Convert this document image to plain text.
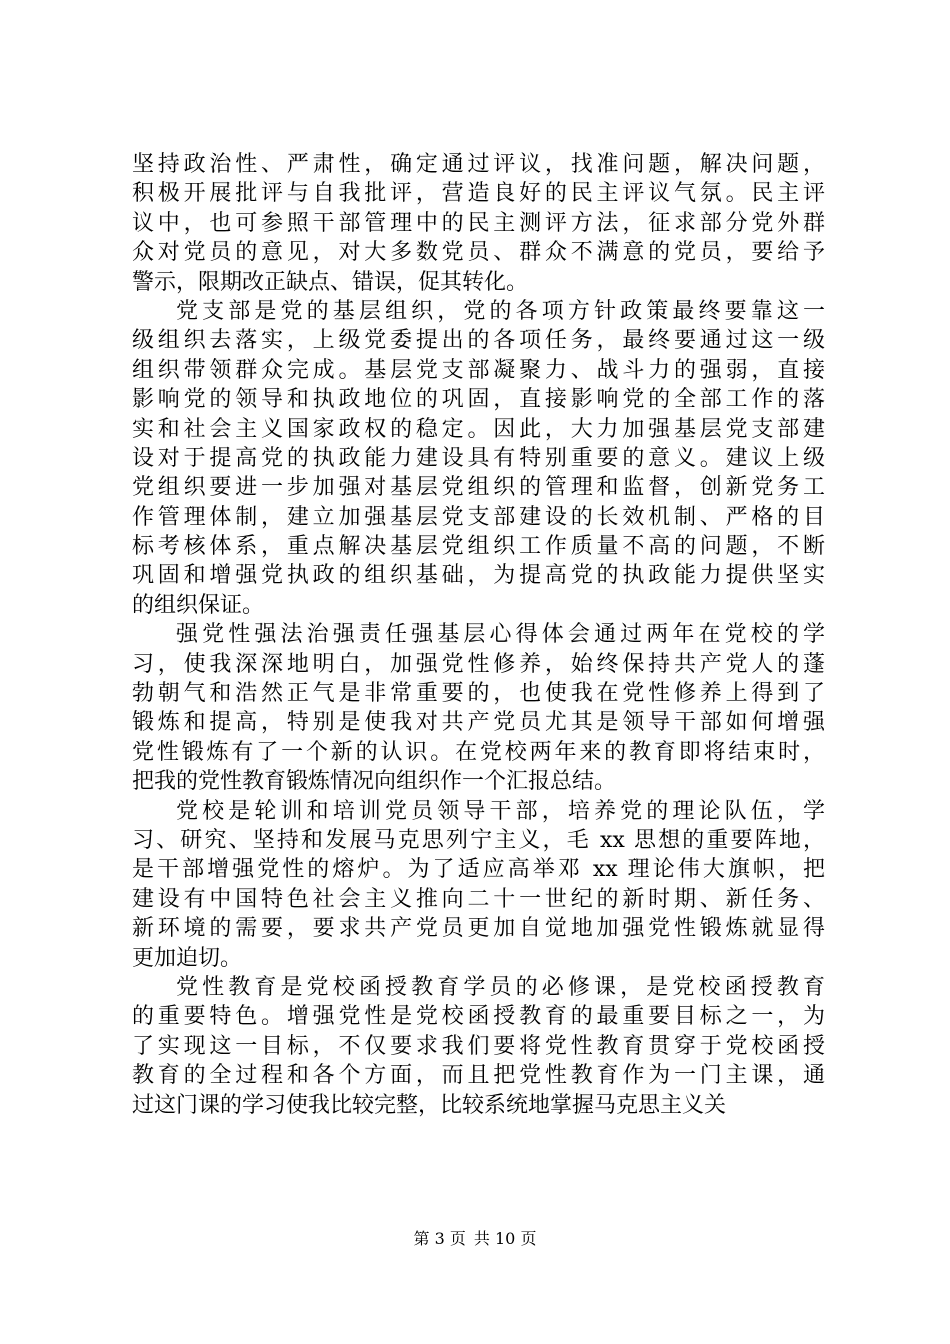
坚持政治性、严肃性，确定通过评议，找准问题，解决问题，
积极开展批评与自我批评，营造良好的民主评议气氛。民主评
议中，也可参照干部管理中的民主测评方法，征求部分党外群
众对党员的意见，对大多数党员、群众不满意的党员，要给予
警示，限期改正缺点、错误，促其转化。
党支部是党的基层组织，党的各项方针政策最终要靠这一
级组织去落实，上级党委提出的各项任务，最终要通过这一级
组织带领群众完成。基层党支部凝聚力、战斗力的强弱，直接
影响党的领导和执政地位的巩固，直接影响党的全部工作的落
实和社会主义国家政权的稳定。因此，大力加强基层党支部建
设对于提高党的执政能力建设具有特别重要的意义。建议上级
党组织要进一步加强对基层党组织的管理和监督，创新党务工
作管理体制，建立加强基层党支部建设的长效机制、严格的目
标考核体系，重点解决基层党组织工作质量不高的问题，不断
巩固和增强党执政的组织基础，为提高党的执政能力提供坚实
的组织保证。
强党性强法治强责任强基层心得体会通过两年在党校的学
习，使我深深地明白，加强党性修养，始终保持共产党人的蓬
勃朝气和浩然正气是非常重要的，也使我在党性修养上得到了
锻炼和提高，特别是使我对共产党员尤其是领导干部如何增强
党性锻炼有了一个新的认识。在党校两年来的教育即将结束时，
把我的党性教育锻炼情况向组织作一个汇报总结。
党校是轮训和培训党员领导干部，培养党的理论队伍，学
习、研究、坚持和发展马克思列宁主义，毛 xx 思想的重要阵地，
是干部增强党性的熔炉。为了适应高举邓 xx 理论伟大旗帜，把
建设有中国特色社会主义推向二十一世纪的新时期、新任务、
新环境的需要，要求共产党员更加自觉地加强党性锻炼就显得
更加迫切。
党性教育是党校函授教育学员的必修课，是党校函授教育
的重要特色。增强党性是党校函授教育的最重要目标之一，为
了实现这一目标，不仅要求我们要将党性教育贯穿于党校函授
教育的全过程和各个方面，而且把党性教育作为一门主课，通
过这门课的学习使我比较完整，比较系统地掌握马克思主义关
第 3 页 共 10 页
